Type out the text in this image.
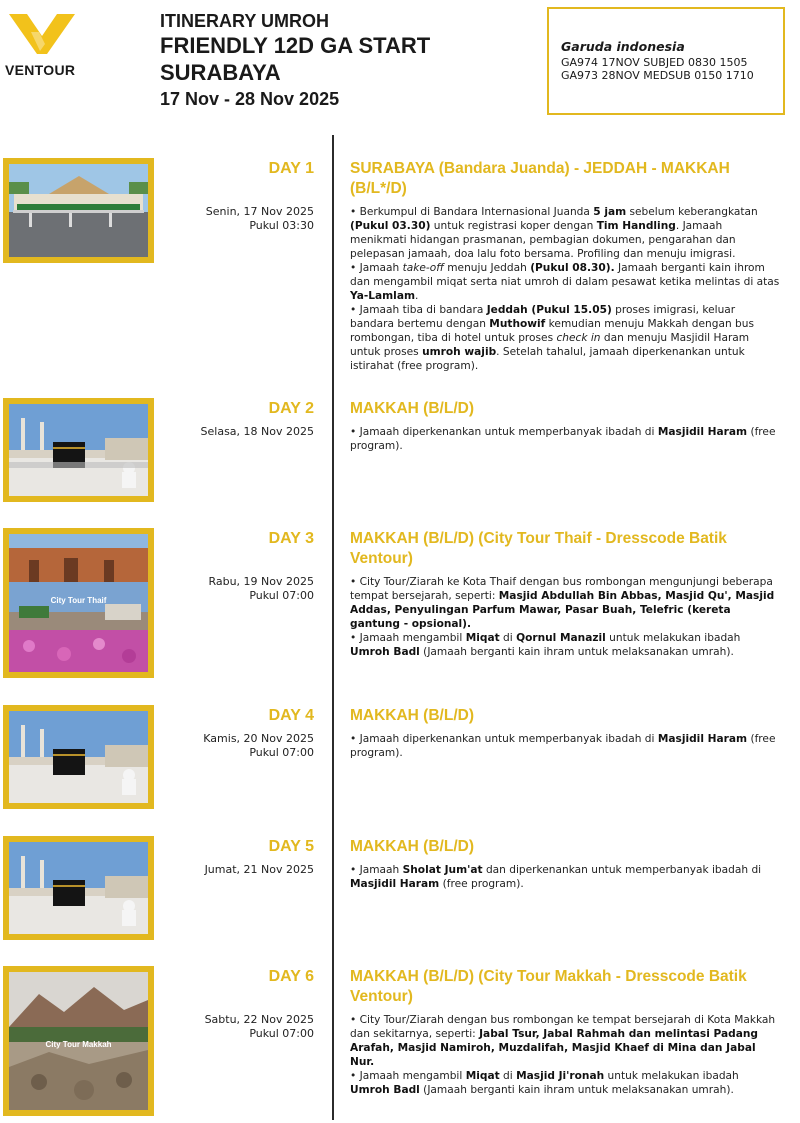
VENTOUR
ITINERARY UMROH
FRIENDLY 12D GA START
SURABAYA
17 Nov - 28 Nov 2025
Garuda indonesia
GA974 17NOV SUBJED 0830 1505
GA973 28NOV MEDSUB 0150 1710
DAY 1
Senin, 17 Nov 2025
Pukul 03:30
SURABAYA (Bandara Juanda) - JEDDAH - MAKKAH (B/L*/D)

• Berkumpul di Bandara Internasional Juanda 5 jam sebelum keberangkatan (Pukul 03.30) untuk registrasi koper dengan Tim Handling. Jamaah menikmati hidangan prasmanan, pembagian dokumen, pengarahan dan pelepasan jamaah, doa lalu foto bersama. Profiling dan menuju imigrasi.

• Jamaah take-off menuju Jeddah (Pukul 08.30). Jamaah berganti kain ihrom dan mengambil miqat serta niat umroh di dalam pesawat ketika melintas di atas Ya-Lamlam.

• Jamaah tiba di bandara Jeddah (Pukul 15.05) proses imigrasi, keluar bandara bertemu dengan Muthowif kemudian menuju Makkah dengan bus rombongan, tiba di hotel untuk proses check in dan menuju Masjidil Haram untuk proses umroh wajib. Setelah tahalul, jamaah diperkenankan untuk istirahat (free program).

DAY 2
Selasa, 18 Nov 2025
MAKKAH (B/L/D)

• Jamaah diperkenankan untuk memperbanyak ibadah di Masjidil Haram (free program).

City Tour Thaif
DAY 3
Rabu, 19 Nov 2025
Pukul 07:00
MAKKAH (B/L/D) (City Tour Thaif - Dresscode Batik Ventour)

• City Tour/Ziarah ke Kota Thaif dengan bus rombongan mengunjungi beberapa tempat bersejarah, seperti: Masjid Abdullah Bin Abbas, Masjid Qu', Masjid Addas, Penyulingan Parfum Mawar, Pasar Buah, Telefric (kereta gantung - opsional).

• Jamaah mengambil Miqat di Qornul Manazil untuk melakukan ibadah Umroh Badl (Jamaah berganti kain ihram untuk melaksanakan umrah).

DAY 4
Kamis, 20 Nov 2025
Pukul 07:00
MAKKAH (B/L/D)

• Jamaah diperkenankan untuk memperbanyak ibadah di Masjidil Haram (free program).

DAY 5
Jumat, 21 Nov 2025
MAKKAH (B/L/D)

• Jamaah Sholat Jum'at dan diperkenankan untuk memperbanyak ibadah di Masjidil Haram (free program).

City Tour Makkah
DAY 6
Sabtu, 22 Nov 2025
Pukul 07:00
MAKKAH (B/L/D) (City Tour Makkah - Dresscode Batik Ventour)

• City Tour/Ziarah dengan bus rombongan ke tempat bersejarah di Kota Makkah dan sekitarnya, seperti: Jabal Tsur, Jabal Rahmah dan melintasi Padang Arafah, Masjid Namiroh, Muzdalifah, Masjid Khaef di Mina dan Jabal Nur.

• Jamaah mengambil Miqat di Masjid Ji'ronah untuk melakukan ibadah Umroh Badl (Jamaah berganti kain ihram untuk melaksanakan umrah).
